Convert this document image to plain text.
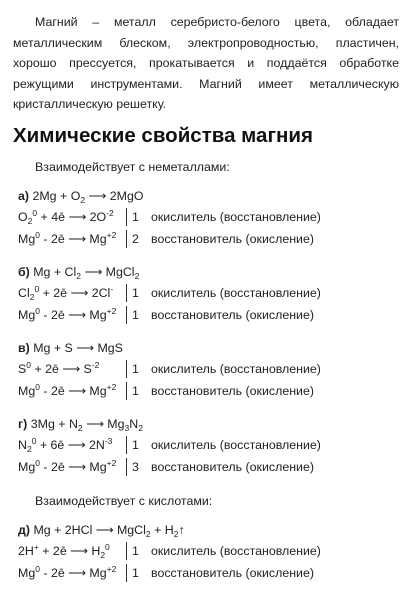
Магний – металл серебристо-белого цвета, обладает металлическим блеском, электропроводностью, пластичен, хорошо прессуется, прокатывается и поддаётся обработке режущими инструментами. Магний имеет металлическую кристаллическую решетку.

Химические свойства магния

Взаимодействует с неметаллами:

а) $2Mg + O_2$ ⟶ 2MgO
$O_2^0$ + 4ē ⟶ $2O^{-2}$ 1 окислитель (восстановление)
Mg$^0$ - 2ē ⟶ $Mg^{+2}$ 2 восстановитель (окисление)
б) $Mg + Cl_2$ ⟶ MgCl$_2$
$Cl_2^0$ + 2ē ⟶ 2Cl- 1 окислитель (восстановление)
Mg$^0$ - 2ē ⟶ $Mg^{+2}$ 1 восстановитель (окисление)
в) Mg + S ⟶ MgS
$S^0$ + 2ē ⟶ $S^{-2}$	1 окислитель (восстановление)
Mg$^0$ - 2ē ⟶ $Mg^{+2}$ 1 восстановитель (окисление)
г) $3Mg + N_2$ ⟶ $Mg_3N_2$
$N_2^0$ + 6ē ⟶ $2N^{-3}$ 1 окислитель (восстановление)
Mg$^0$ - 2ē ⟶ $Mg^{+2}$ 3 восстановитель (окисление)

Взаимодействует с кислотами:

д) Mg + 2HCl ⟶ MgCl$_2$ + $H_2↑$
2H+ + 2ē ⟶ $H_2^0$ 1 окислитель (восстановление)
Mg$^0$ - 2ē ⟶ $Mg^{+2}$ 1 восстановитель (окисление)
